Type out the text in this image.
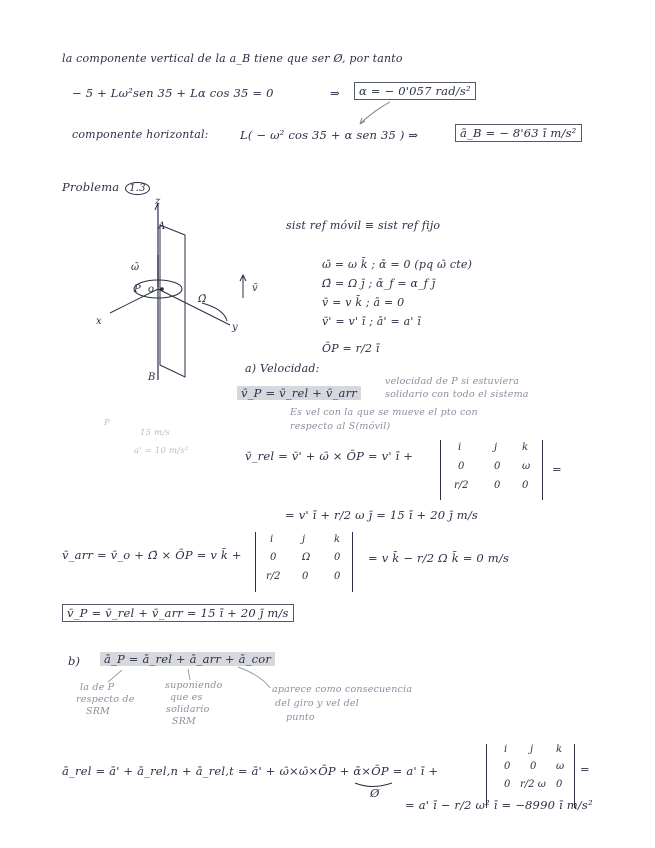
la componente vertical de la a_B tiene que ser Ø, por tanto
− 5 + Lω²sen 35 + Lα cos 35 = 0	⇒	α = − 0'057 rad/s²
componente horizontal:	L( − ω² cos 35 + α sen 35 ) ⇒	ā_B = − 8'63 ī m/s²
Problema 1.3
z
A
ω̄
o
P
Ω̄
x
y
B
v̄
sist ref móvil ≡ sist ref fijo
ω̄ = ω k̄ ; ᾱ = 0 (pq ω̄ cte)
Ω̄ = Ω j̄ ; ᾱ_f = α_f j̄
v̄ = v k̄ ; ā = 0
v̄' = v' ī ; ā' = a' ī
ŌP = r/2 ī
a) Velocidad:
v̄_P = v̄_rel + v̄_arr
velocidad de P si estuviera
solidario con todo el sistema
Es vel con la que se mueve el pto con
respecto al S(móvil)
P
15 m/s
a' = 10 m/s²	v̄_rel = v̄' + ω̄ × ŌP = v' ī +
i	j k
0	0 ω
r/2	0 0
=
= v' ī + r/2 ω j̄ = 15 ī + 20 j̄ m/s
v̄_arr = v̄_o + Ω̄ × ŌP = v k̄ +
i	j	k
0	Ω 0
r/2 0	0
= v k̄ − r/2 Ω k̄ = 0 m/s
v̄_P = v̄_rel + v̄_arr = 15 ī + 20 j̄ m/s
b)	ā_P = ā_rel + ā_arr + ā_cor
la de P
respecto de
SRM
suponiendo
que es
solidario
SRM
aparece como consecuencia
del giro y vel del
punto
ā_rel = ā' + ā_rel,n + ā_rel,t = ā' + ω̄×ω̄×ŌP + ᾱ×ŌP = a' ī +
i j k
0 0 ω
0 r/2 ω 0
=
Ø
= a' ī − r/2 ω² ī = −8990 ī m/s²
